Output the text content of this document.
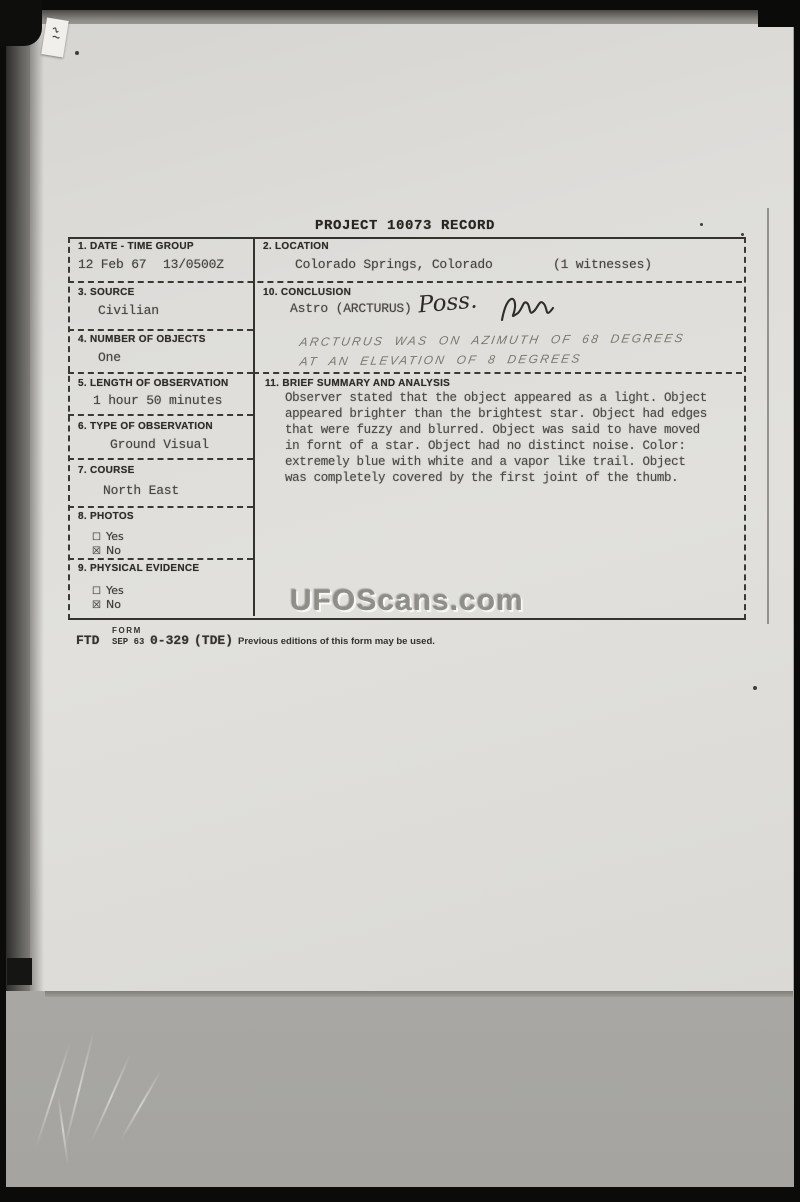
PROJECT 10073 RECORD
1. DATE - TIME GROUP
12 Feb 67 13/0500Z
2. LOCATION
Colorado Springs, Colorado	(1 witnesses)
3. SOURCE
Civilian
10. CONCLUSION
Astro (ARCTURUS) Poss.
ARCTURUS WAS ON AZIMUTH OF 68 DEGREES
AT AN ELEVATION OF 8 DEGREES
4. NUMBER OF OBJECTS
One
5. LENGTH OF OBSERVATION
1 hour 50 minutes
11. BRIEF SUMMARY AND ANALYSIS
Observer stated that the object appeared as a light. Object
appeared brighter than the brightest star. Object had edges
that were fuzzy and blurred. Object was said to have moved
in fornt of a star. Object had no distinct noise. Color:
extremely blue with white and a vapor like trail. Object
was completely covered by the first joint of the thumb.
6. TYPE OF OBSERVATION
Ground Visual
7. COURSE
North East
8. PHOTOS
☐ Yes
☒ No
9. PHYSICAL EVIDENCE
☐ Yes
☒ No	UFOScans.com
FORM
FTD SEP 63 0-329 (TDE) Previous editions of this form may be used.
